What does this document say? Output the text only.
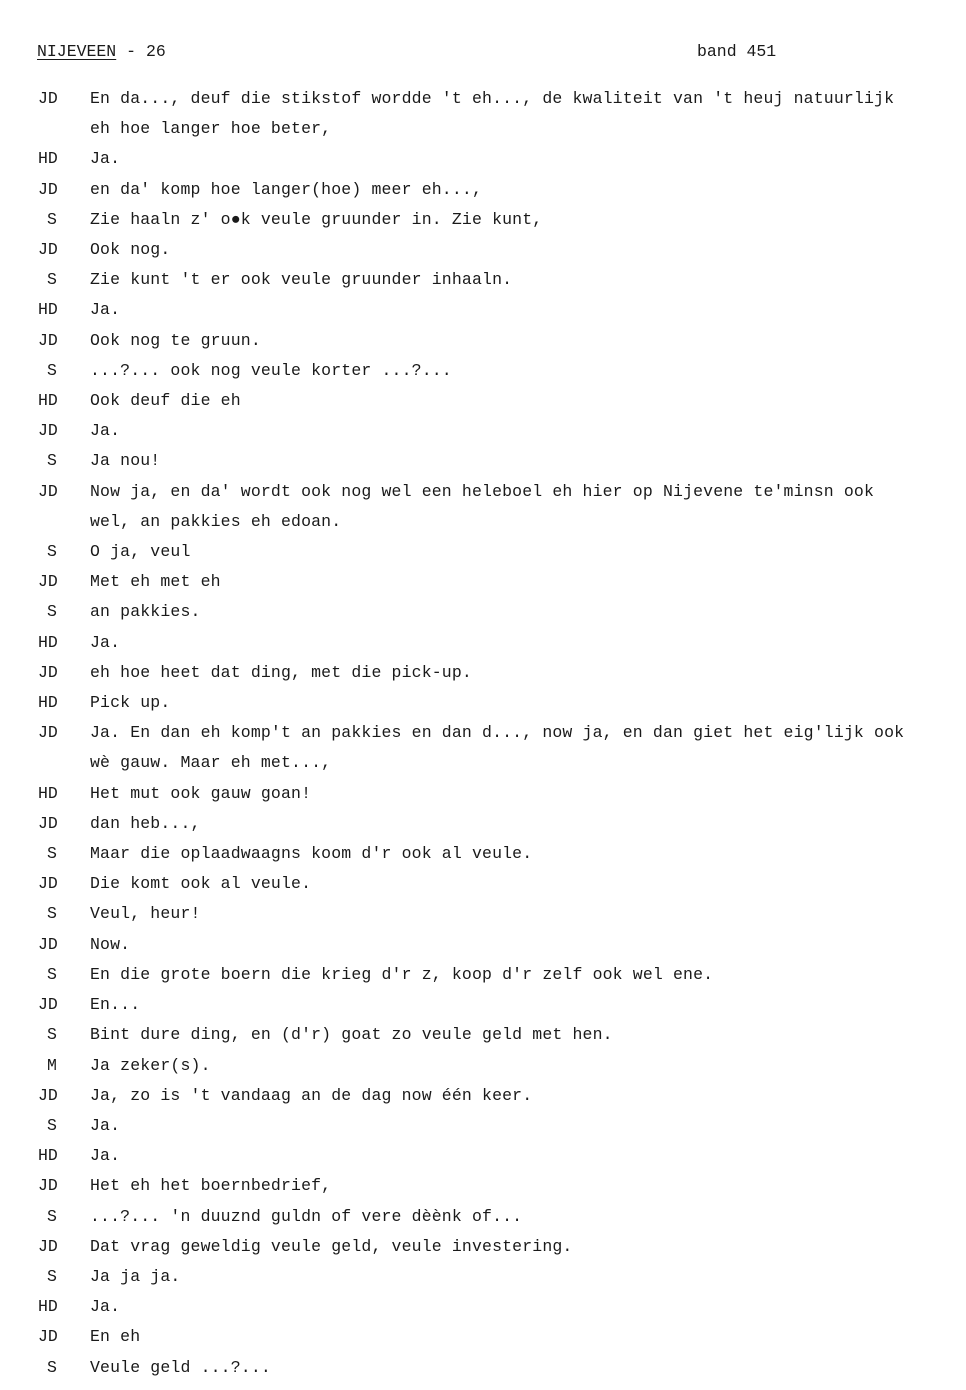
NIJEVEEN - 26	band 451
JD	En da..., deuf die stikstof wordde 't eh..., de kwaliteit van 't heuj natuurlijk
eh hoe langer hoe beter,
HD	Ja.
JD	en da' komp hoe langer(hoe) meer eh...,
S	Zie haaln z' o●k veule gruunder in. Zie kunt,
JD	Ook nog.
S	Zie kunt 't er ook veule gruunder inhaaln.
HD	Ja.
JD	Ook nog te gruun.
S	...?... ook nog veule korter ...?...
HD	Ook deuf die eh
JD	Ja.
S	Ja nou!
JD	Now ja, en da' wordt ook nog wel een heleboel eh hier op Nijevene te'minsn ook
wel, an pakkies eh edoan.
S	O ja, veul
JD	Met eh met eh
S	an pakkies.
HD	Ja.
JD	eh hoe heet dat ding, met die pick-up.
HD	Pick up.
JD	Ja. En dan eh komp't an pakkies en dan d..., now ja, en dan giet het eig'lijk ook
wè gauw. Maar eh met...,
HD	Het mut ook gauw goan!
JD	dan heb...,
S	Maar die oplaadwaagns koom d'r ook al veule.
JD	Die komt ook al veule.
S	Veul, heur!
JD	Now.
S	En die grote boern die krieg d'r z, koop d'r zelf ook wel ene.
JD	En...
S	Bint dure ding, en (d'r) goat zo veule geld met hen.
M	Ja zeker(s).
JD	Ja, zo is 't vandaag an de dag now één keer.
S	Ja.
HD	Ja.
JD	Het eh het boernbedrief,
S	...?... 'n duuznd guldn of vere dèènk of...
JD	Dat vrag geweldig veule geld, veule investering.
S	Ja ja ja.
HD	Ja.
JD	En eh
S	Veule geld ...?...
